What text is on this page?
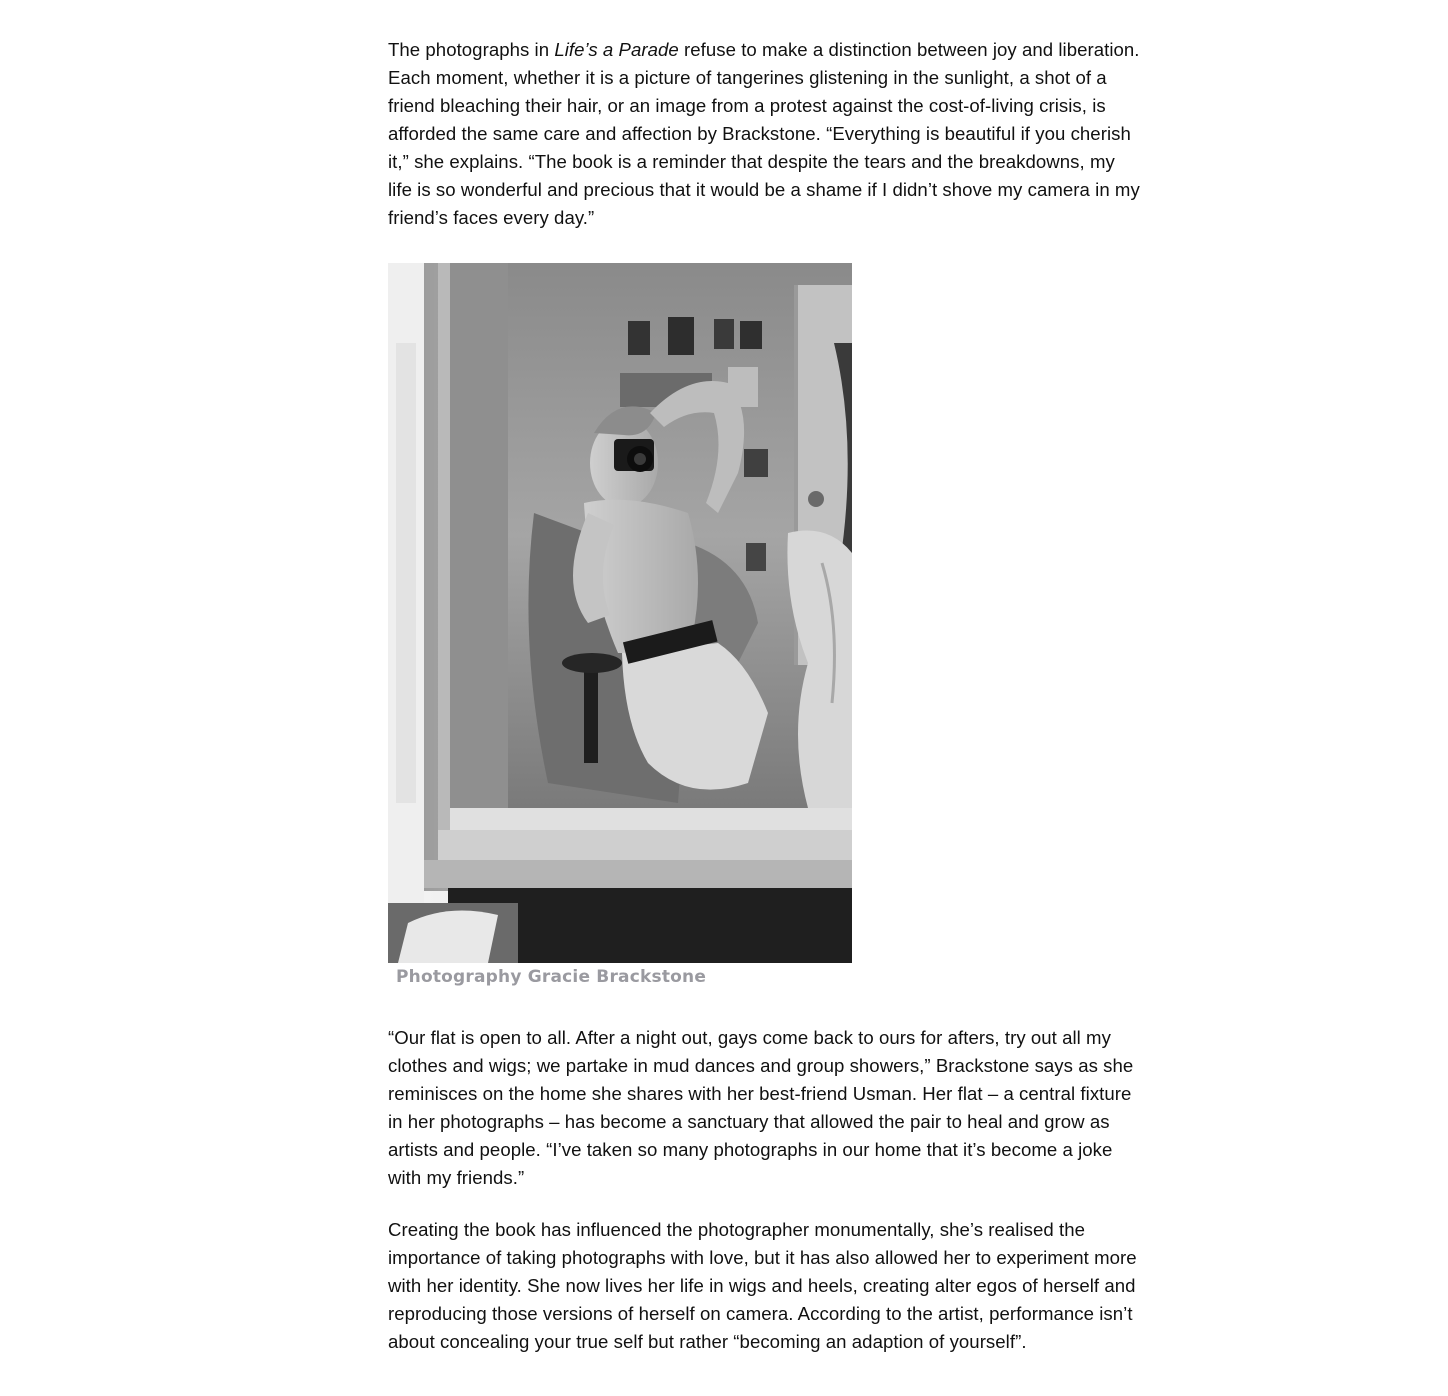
The photographs in Life’s a Parade refuse to make a distinction between joy and liberation. Each moment, whether it is a picture of tangerines glistening in the sunlight, a shot of a friend bleaching their hair, or an image from a protest against the cost-of-living crisis, is afforded the same care and affection by Brackstone. “Everything is beautiful if you cherish it,” she explains. “The book is a reminder that despite the tears and the breakdowns, my life is so wonderful and precious that it would be a shame if I didn’t shove my camera in my friend’s faces every day.”

Photography Gracie Brackstone

“Our flat is open to all. After a night out, gays come back to ours for afters, try out all my clothes and wigs; we partake in mud dances and group showers,” Brackstone says as she reminisces on the home she shares with her best-friend Usman. Her flat – a central fixture in her photographs – has become a sanctuary that allowed the pair to heal and grow as artists and people. “I’ve taken so many photographs in our home that it’s become a joke with my friends.”

Creating the book has influenced the photographer monumentally, she’s realised the importance of taking photographs with love, but it has also allowed her to experiment more with her identity. She now lives her life in wigs and heels, creating alter egos of herself and reproducing those versions of herself on camera. According to the artist, performance isn’t about concealing your true self but rather “becoming an adaption of yourself”.
